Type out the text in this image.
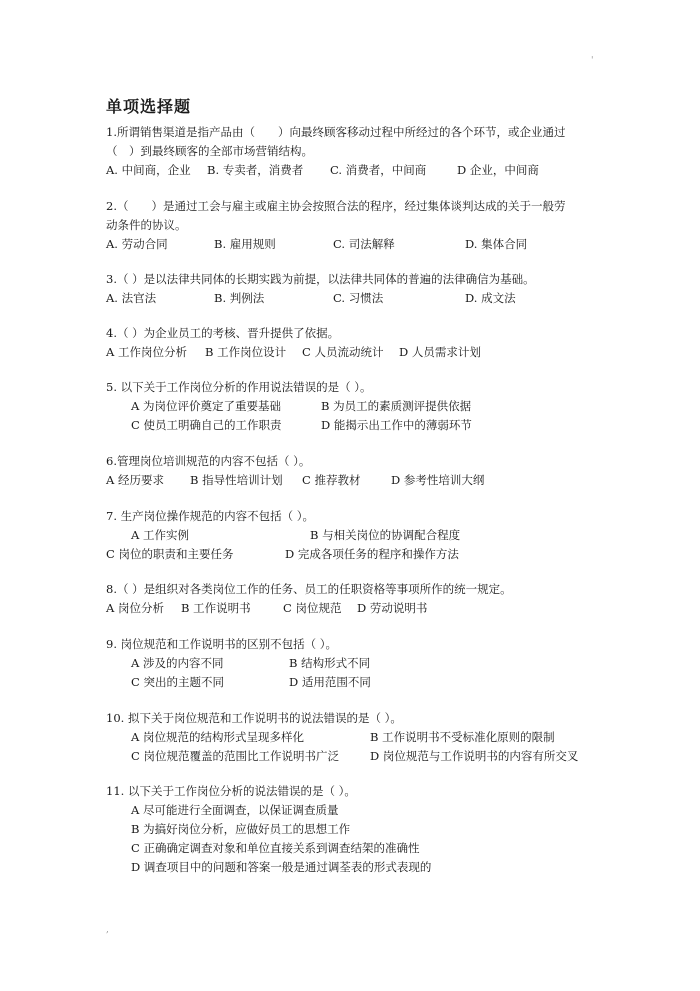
'
单项选择题
1.所谓销售渠道是指产品由（　　）向最终顾客移动过程中所经过的各个环节，或企业通过
（　）到最终顾客的全部市场营销结构。
A. 中间商，企业 B. 专卖者，消费者 C. 消费者，中间商	D 企业，中间商
2.（　　）是通过工会与雇主或雇主协会按照合法的程序，经过集体谈判达成的关于一般劳
动条件的协议。
A. 劳动合同	B. 雇用规则	C. 司法解释	D. 集体合同
3.（ ）是以法律共同体的长期实践为前提，以法律共同体的普遍的法律确信为基础。
A. 法官法	B. 判例法	C. 习惯法	D. 成文法
4.（ ）为企业员工的考核、晋升提供了依据。
A 工作岗位分析 B 工作岗位设计 C 人员流动统计 D 人员需求计划
5. 以下关于工作岗位分析的作用说法错误的是（ ）。
A 为岗位评价奠定了重要基础	B 为员工的素质测评提供依据
C 使员工明确自己的工作职责	D 能揭示出工作中的薄弱环节
6.管理岗位培训规范的内容不包括（ ）。
A 经历要求 B 指导性培训计划 C 推荐教材	D 参考性培训大纲
7. 生产岗位操作规范的内容不包括（ ）。
A 工作实例	B 与相关岗位的协调配合程度
C 岗位的职责和主要任务	D 完成各项任务的程序和操作方法
8.（ ）是组织对各类岗位工作的任务、员工的任职资格等事项所作的统一规定。
A 岗位分析 B 工作说明书	C 岗位规范 D 劳动说明书
9. 岗位规范和工作说明书的区别不包括（ ）。
A 涉及的内容不同	B 结构形式不同
C 突出的主题不同	D 适用范围不同
10. 拟下关于岗位规范和工作说明书的说法错误的是（ ）。
A 岗位规范的结构形式呈现多样化	B 工作说明书不受标准化原则的限制
C 岗位规范覆盖的范围比工作说明书广泛	D 岗位规范与工作说明书的内容有所交叉
11. 以下关于工作岗位分析的说法错误的是（ ）。
A 尽可能进行全面调查，以保证调查质量
B 为搞好岗位分析，应做好员工的思想工作
C 正确确定调查对象和单位直接关系到调查结架的准确性
D 调查项目中的问题和答案一般是通过调荃表的形式表现的
,
